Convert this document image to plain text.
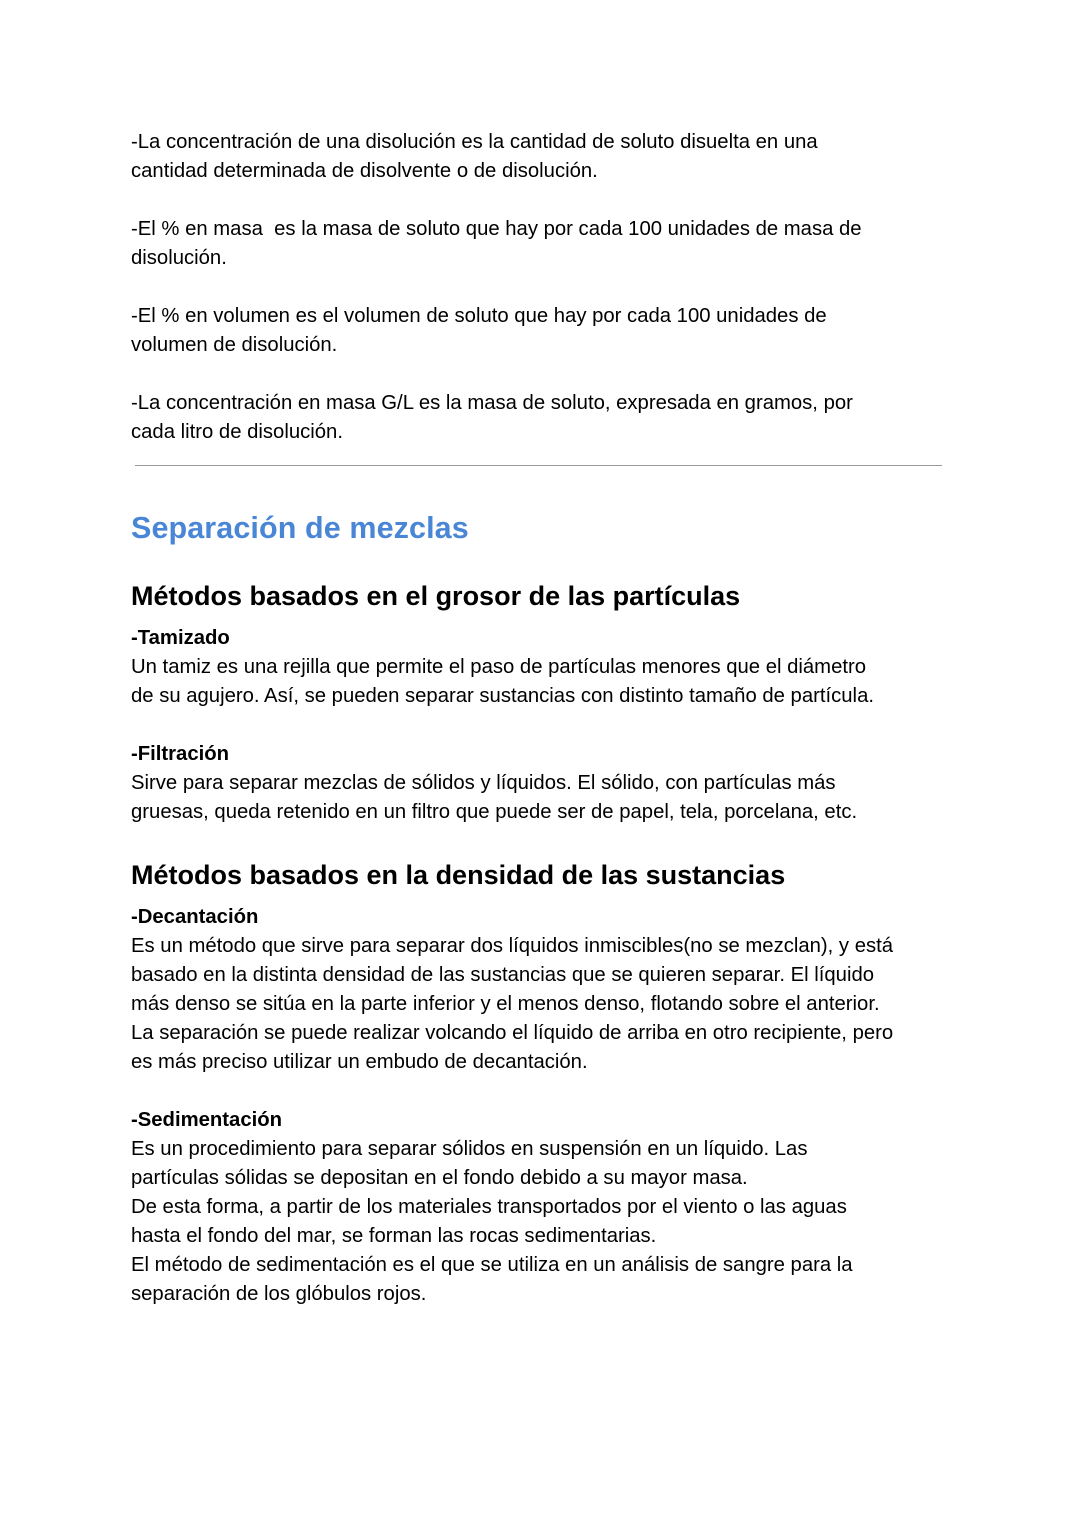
-La concentración de una disolución es la cantidad de soluto disuelta en una
cantidad determinada de disolvente o de disolución.

-El % en masa  es la masa de soluto que hay por cada 100 unidades de masa de
disolución.

-El % en volumen es el volumen de soluto que hay por cada 100 unidades de
volumen de disolución.

-La concentración en masa G/L es la masa de soluto, expresada en gramos, por
cada litro de disolución.

Separación de mezclas
Métodos basados en el grosor de las partículas
-Tamizado

Un tamiz es una rejilla que permite el paso de partículas menores que el diámetro
de su agujero. Así, se pueden separar sustancias con distinto tamaño de partícula.

-Filtración

Sirve para separar mezclas de sólidos y líquidos. El sólido, con partículas más
gruesas, queda retenido en un filtro que puede ser de papel, tela, porcelana, etc.

Métodos basados en la densidad de las sustancias
-Decantación

Es un método que sirve para separar dos líquidos inmiscibles(no se mezclan), y está
basado en la distinta densidad de las sustancias que se quieren separar. El líquido
más denso se sitúa en la parte inferior y el menos denso, flotando sobre el anterior.
La separación se puede realizar volcando el líquido de arriba en otro recipiente, pero
es más preciso utilizar un embudo de decantación.

-Sedimentación

Es un procedimiento para separar sólidos en suspensión en un líquido. Las
partículas sólidas se depositan en el fondo debido a su mayor masa.
De esta forma, a partir de los materiales transportados por el viento o las aguas
hasta el fondo del mar, se forman las rocas sedimentarias.
El método de sedimentación es el que se utiliza en un análisis de sangre para la
separación de los glóbulos rojos.
